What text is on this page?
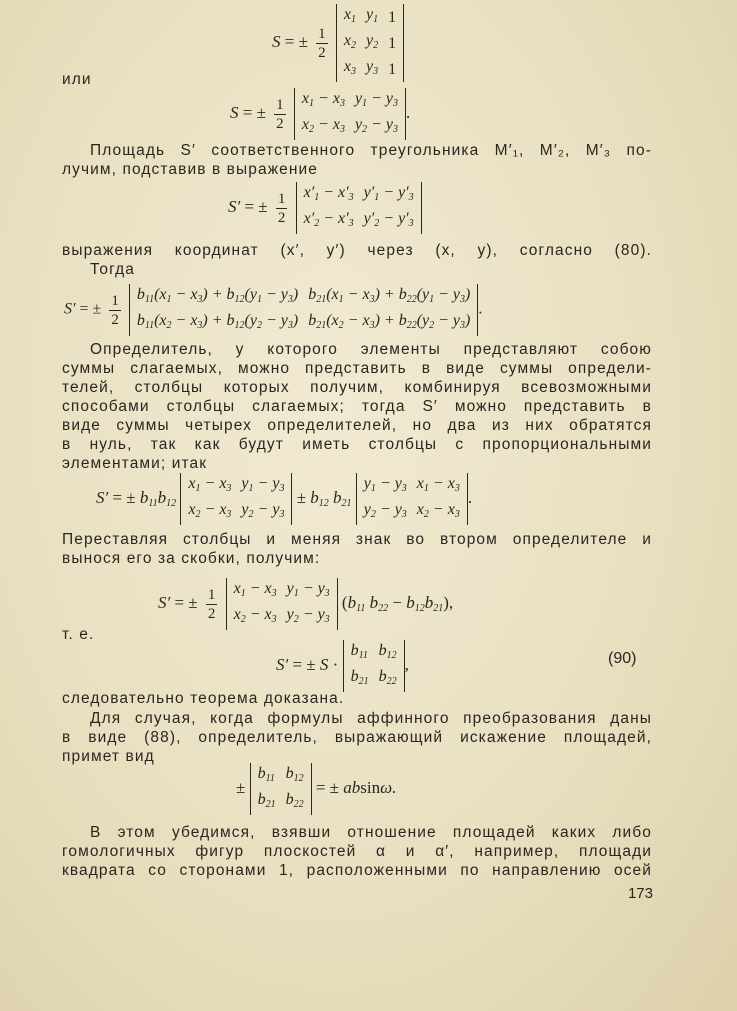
S = ± $\frac{1}{2}$

$x_1$	$y_1$	1
$x_2$	$y_2$	1
$x_3$	$y_3$	1
или
S = ± $\frac{1}{2}$
$x_1 - x_3$	$y_1 - y_3$
$x_2 - x_3$	$y_2 - y_3$
.
Площадь S′ соответственного треугольника M′₁, M′₂, M′₃ по-
лучим, подставив в выражение
S′ = ± $\frac{1}{2}$
$x'_1 - x'_3$	$y'_1 - y'_3$
$x'_2 - x'_3$	$y'_2 - y'_3$
выражения координат (x′, y′) через (x, y), согласно (80).
Тогда
S′ = ± $\frac{1}{2}$
$b_{11}(x_1 - x_3) + b_{12}(y_1 - y_3)$	$b_{21}(x_1 - x_3) + b_{22}(y_1 - y_3)$
$b_{11}(x_2 - x_3) + b_{12}(y_2 - y_3)$	$b_{21}(x_2 - x_3) + b_{22}(y_2 - y_3)$
.
Определитель, у которого элементы представляют собою
суммы слагаемых, можно представить в виде суммы определи-
телей, столбцы которых получим, комбинируя всевозможными
способами столбцы слагаемых; тогда S′ можно представить в
виде суммы четырех определителей, но два из них обратятся
в нуль, так как будут иметь столбцы с пропорциональными
элементами; итак
S′ = ± $b_{11}b_{12}$
$x_1 - x_3$	$y_1 - y_3$
$x_2 - x_3$	$y_2 - y_3$
± $b_{12}$ $b_{21}$
$y_1 - y_3$	$x_1 - x_3$
$y_2 - y_3$	$x_2 - x_3$
.
Переставляя столбцы и меняя знак во втором определителе и
вынося его за скобки, получим:
S′ = ± $\frac{1}{2}$
$x_1 - x_3$	$y_1 - y_3$
$x_2 - x_3$	$y_2 - y_3$
($b_{11}$ $b_{22} - b_{12}b_{21}$),
т. е.
S′ = ± S ·
$b_{11}$	$b_{12}$
$b_{21}$	$b_{22}$
,	(90)
следовательно теорема доказана.
Для случая, когда формулы аффинного преобразования даны
в виде (88), определитель, выражающий искажение площадей,
примет вид
±
$b_{11}$	$b_{12}$
$b_{21}$	$b_{22}$
= ± absinω.
В этом убедимся, взявши отношение площадей каких либо
гомологичных фигур плоскостей α и α′, например, площади
квадрата со сторонами 1, расположенными по направлению осей
173
